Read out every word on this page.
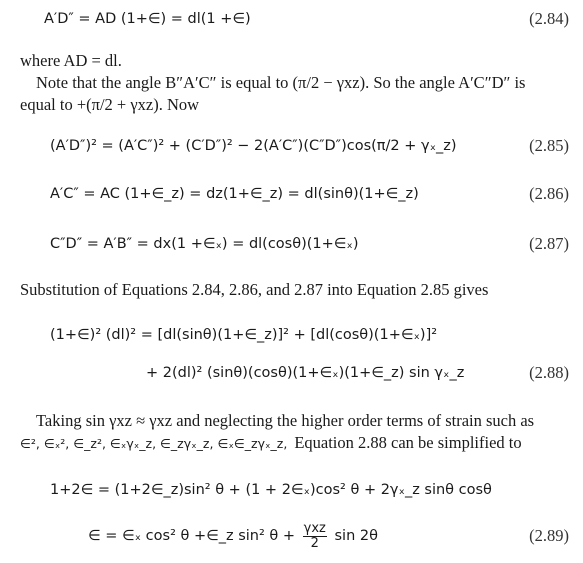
A′D″ = AD (1+∈) = dl(1 +∈)	(2.84)

where AD = dl.

Note that the angle B″A′C″ is equal to (π/2 − γxz). So the angle A′C″D″ is equal to +(π/2 + γxz). Now

(A′D″)² = (A′C″)² + (C′D″)² − 2(A′C″)(C″D″)cos(π/2 + γₓ_z)	(2.85)
A′C″ = AC (1+∈_z) = dz(1+∈_z) = dl(sinθ)(1+∈_z)	(2.86)
C″D″ = A′B″ = dx(1 +∈ₓ) = dl(cosθ)(1+∈ₓ)	(2.87)

Substitution of Equations 2.84, 2.86, and 2.87 into Equation 2.85 gives

(1+∈)² (dl)² = [dl(sinθ)(1+∈_z)]² + [dl(cosθ)(1+∈ₓ)]²
+ 2(dl)² (sinθ)(cosθ)(1+∈ₓ)(1+∈_z) sin γₓ_z	(2.88)

Taking sin γxz ≈ γxz and neglecting the higher order terms of strain such as

∈², ∈ₓ², ∈_z², ∈ₓγₓ_z, ∈_zγₓ_z, ∈ₓ∈_zγₓ_z, Equation 2.88 can be simplified to
1+2∈ = (1+2∈_z)sin² θ + (1 + 2∈ₓ)cos² θ + 2γₓ_z sinθ cosθ
∈ = ∈ₓ cos² θ +∈_z sin² $\theta + \frac{\text{γxz}}{2}$ sin 2θ	(2.89)
